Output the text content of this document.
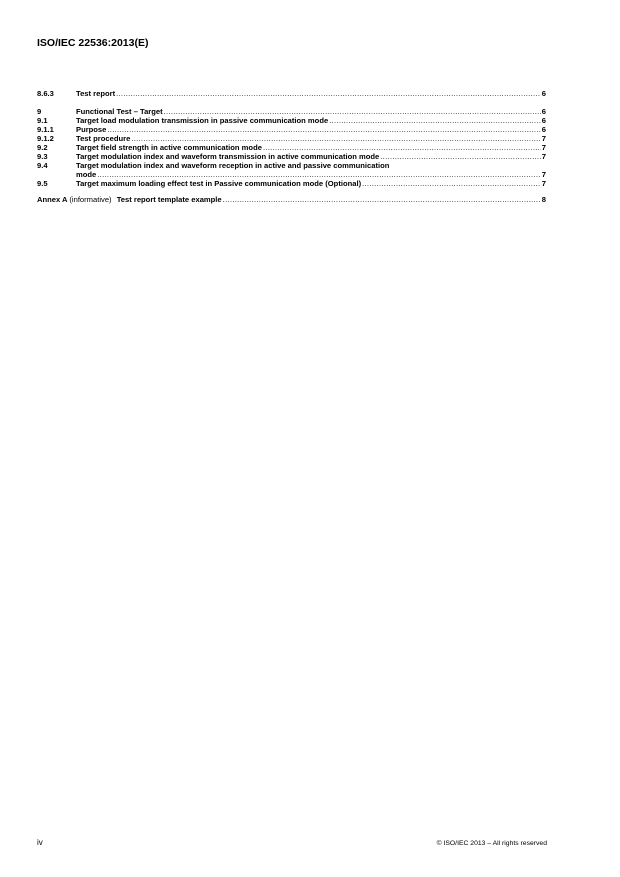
ISO/IEC 22536:2013(E)
8.6.3	Test report .....	6
9	Functional Test – Target .....	6
9.1	Target load modulation transmission in passive communication mode .....	6
9.1.1	Purpose .....	6
9.1.2	Test procedure .....	7
9.2	Target field strength in active communication mode .....	7
9.3	Target modulation index and waveform transmission in active communication mode .....	7
9.4	Target modulation index and waveform reception in active and passive communication
mode .....	7
9.5	Target maximum loading effect test in Passive communication mode (Optional) .....	7
Annex A (informative) Test report template example .....	8
iv	© ISO/IEC 2013 – All rights reserved
